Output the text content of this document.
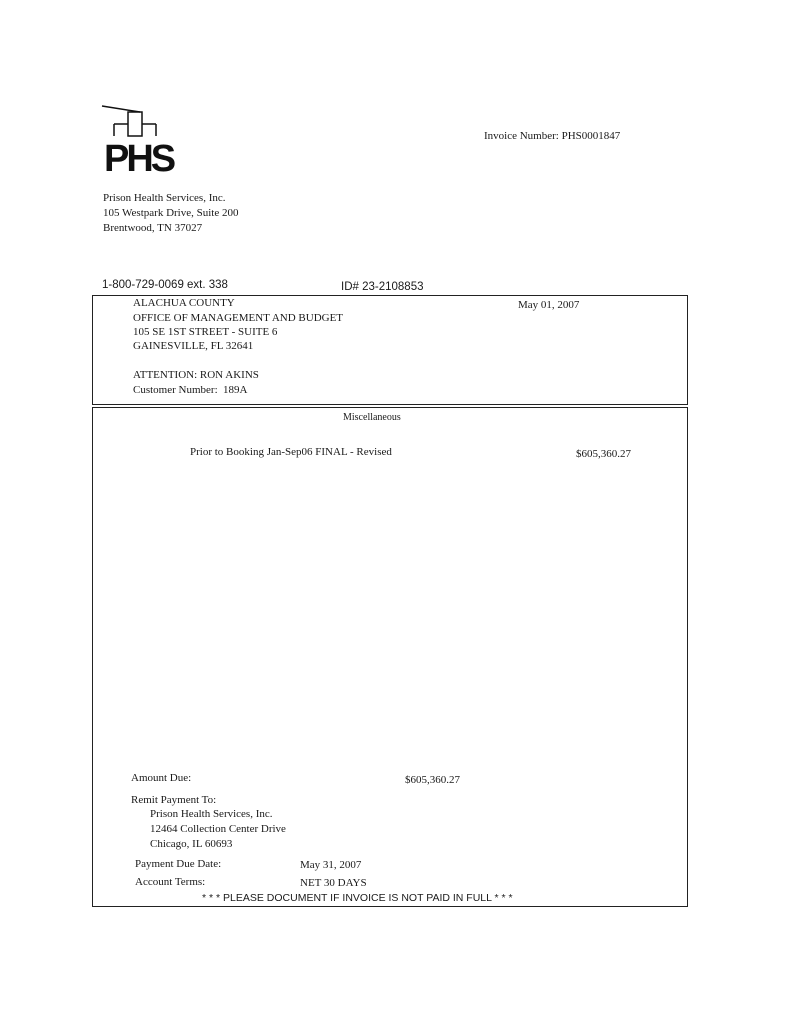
PHS
Invoice Number: PHS0001847
Prison Health Services, Inc.
105 Westpark Drive, Suite 200
Brentwood, TN 37027
1-800-729-0069 ext. 338	ID# 23-2108853
ALACHUA COUNTY
OFFICE OF MANAGEMENT AND BUDGET
105 SE 1ST STREET - SUITE 6
GAINESVILLE, FL 32641
ATTENTION: RON AKINS
Customer Number: 189A
May 01, 2007
Miscellaneous
Prior to Booking Jan-Sep06 FINAL - Revised	$605,360.27
Amount Due:	$605,360.27
Remit Payment To:
Prison Health Services, Inc.
12464 Collection Center Drive
Chicago, IL 60693
Payment Due Date:	May 31, 2007
Account Terms:	NET 30 DAYS
* * * PLEASE DOCUMENT IF INVOICE IS NOT PAID IN FULL * * *
